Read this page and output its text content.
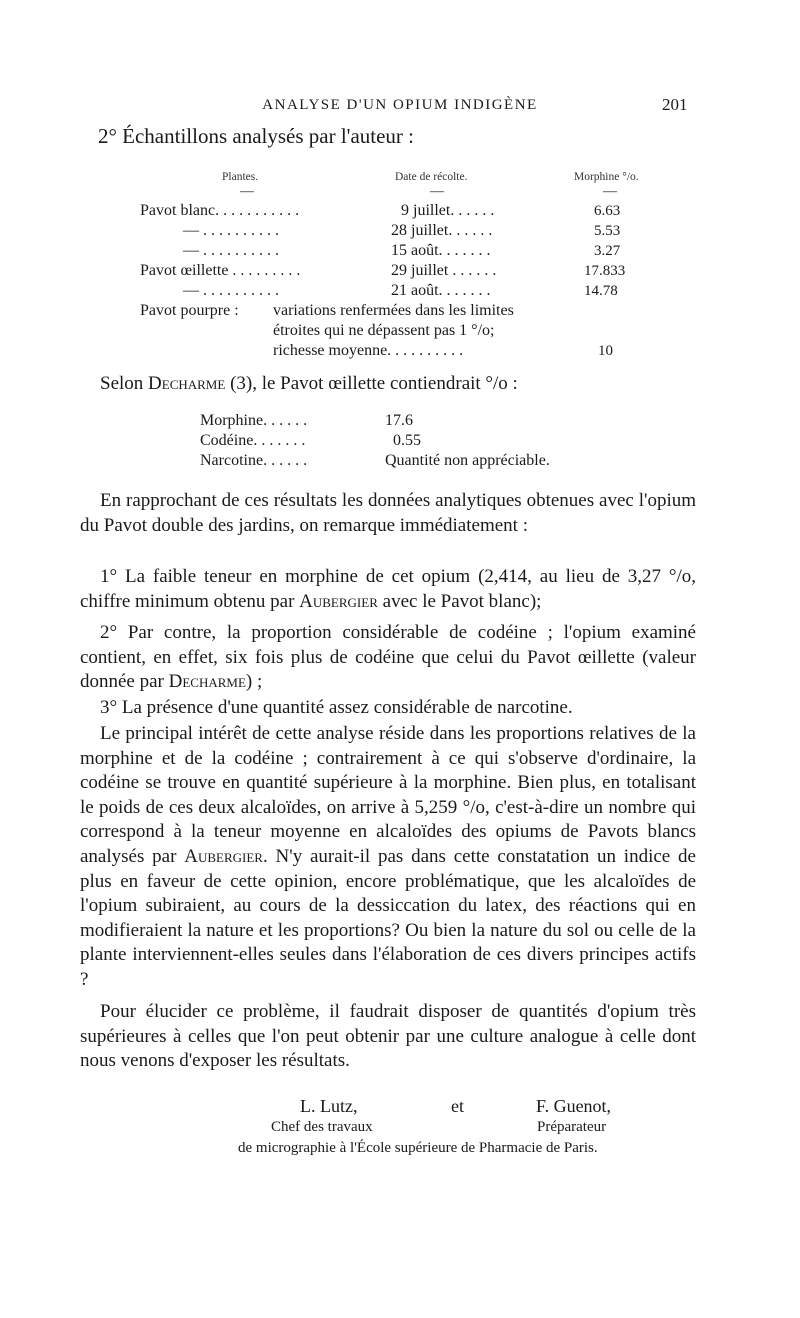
ANALYSE D'UN OPIUM INDIGÈNE	201
2° Échantillons analysés par l'auteur :
Plantes.	Date de récolte.	Morphine °/o.
—	—	—
Pavot blanc. . . . . . . . . . .	9 juillet. . . . . .	6.63
— . . . . . . . . . .	28 juillet. . . . . .	5.53
— . . . . . . . . . .	15 août. . . . . . .	3.27
Pavot œillette . . . . . . . . .	29 juillet . . . . . .	17.833
— . . . . . . . . . .	21 août. . . . . . .	14.78
Pavot pourpre : variations renfermées dans les limites
étroites qui ne dépassent pas 1 °/o;
richesse moyenne. . . . . . . . . .	10
Selon Decharme (3), le Pavot œillette contiendrait °/o :
Morphine. . . . . .	17.6
Codéine. . . . . . .	0.55
Narcotine. . . . . .	Quantité non appréciable.

En rapprochant de ces résultats les données analytiques obtenues avec l'opium du Pavot double des jardins, on remarque immédiatement :

1° La faible teneur en morphine de cet opium (2,414, au lieu de 3,27 °/o, chiffre minimum obtenu par Aubergier avec le Pavot blanc);

2° Par contre, la proportion considérable de codéine ; l'opium examiné contient, en effet, six fois plus de codéine que celui du Pavot œillette (valeur donnée par Decharme) ;

3° La présence d'une quantité assez considérable de narcotine.

Le principal intérêt de cette analyse réside dans les proportions relatives de la morphine et de la codéine ; contrairement à ce qui s'observe d'ordinaire, la codéine se trouve en quantité supérieure à la morphine. Bien plus, en totalisant le poids de ces deux alcaloïdes, on arrive à 5,259 °/o, c'est-à-dire un nombre qui correspond à la teneur moyenne en alcaloïdes des opiums de Pavots blancs analysés par Aubergier. N'y aurait-il pas dans cette constatation un indice de plus en faveur de cette opinion, encore problématique, que les alcaloïdes de l'opium subiraient, au cours de la dessiccation du latex, des réactions qui en modifieraient la nature et les proportions? Ou bien la nature du sol ou celle de la plante interviennent-elles seules dans l'élaboration de ces divers principes actifs ?

Pour élucider ce problème, il faudrait disposer de quantités d'opium très supérieures à celles que l'on peut obtenir par une culture analogue à celle dont nous venons d'exposer les résultats.

L. Lutz,	et	F. Guenot,
Chef des travaux	Préparateur
de micrographie à l'École supérieure de Pharmacie de Paris.
